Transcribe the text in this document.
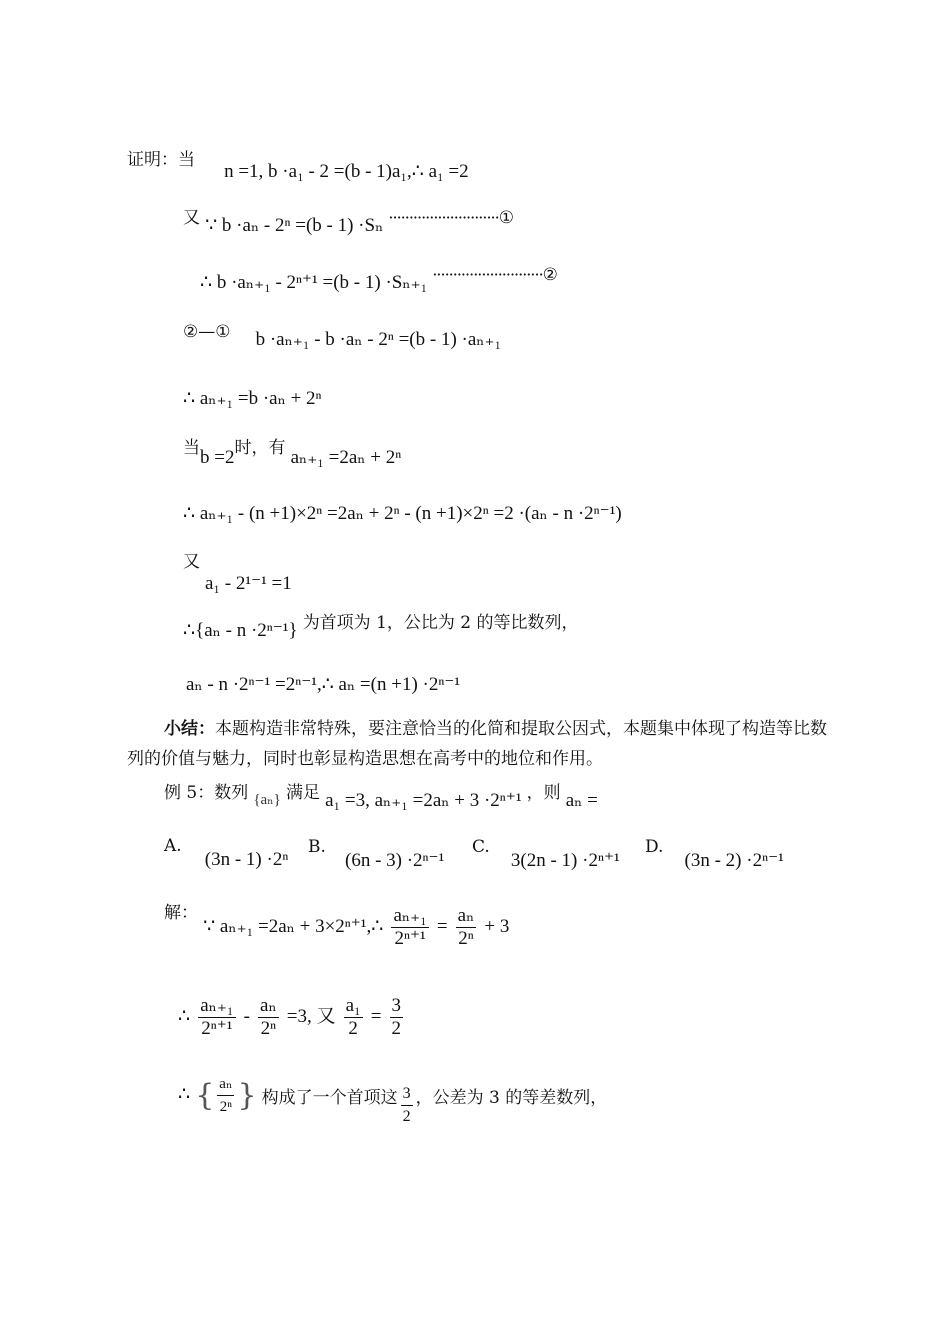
证明：当 n =1, b ·a₁ - 2 =(b - 1)a₁,∴ a₁ =2
又 ∵ b ·aₙ - 2ⁿ =(b - 1) ·Sₙ ···························①
∴ b ·aₙ₊₁ - 2ⁿ⁺¹ =(b - 1) ·Sₙ₊₁ ···························②
②—① b ·aₙ₊₁ - b ·aₙ - 2ⁿ =(b - 1) ·aₙ₊₁
∴ aₙ₊₁ =b ·aₙ + 2ⁿ
当b =2时，有 aₙ₊₁ =2aₙ + 2ⁿ
∴ aₙ₊₁ - (n +1)×2ⁿ =2aₙ + 2ⁿ - (n +1)×2ⁿ =2 ·(aₙ - n ·2ⁿ⁻¹)
又
a₁ - 2¹⁻¹ =1
∴{aₙ - n ·2ⁿ⁻¹} 为首项为 1，公比为 2 的等比数列，
aₙ - n ·2ⁿ⁻¹ =2ⁿ⁻¹,∴ aₙ =(n +1) ·2ⁿ⁻¹
小结：本题构造非常特殊，要注意恰当的化简和提取公因式，本题集中体现了构造等比数列的价值与魅力，同时也彰显构造思想在高考中的地位和作用。
例 5：数列 {aₙ} 满足 a₁ =3, aₙ₊₁ =2aₙ + 3 ·2ⁿ⁺¹ ，则 aₙ =
A. (3n - 1) ·2ⁿ
B. (6n - 3) ·2ⁿ⁻¹
C. 3(2n - 1) ·2ⁿ⁺¹
D. (3n - 2) ·2ⁿ⁻¹
解： ∵ aₙ₊₁ =2aₙ + 3×2ⁿ⁺¹,∴ $\frac{\text{aₙ₊₁}}{\text{2ⁿ⁺¹}} = \frac{\text{aₙ}}{\text{2ⁿ}} + 3$
∴ $\frac{\text{aₙ₊₁}}{\text{2ⁿ⁺¹}} - \frac{\text{aₙ}}{\text{2ⁿ}} =3$, 又 $\frac{\text{a₁}}{2} = \frac{3}{2}$
∴ { $\frac{\text{aₙ}}{\text{2ⁿ}}$ } 构成了一个首项这 $\frac{3}{2}$ ，公差为 3 的等差数列，
